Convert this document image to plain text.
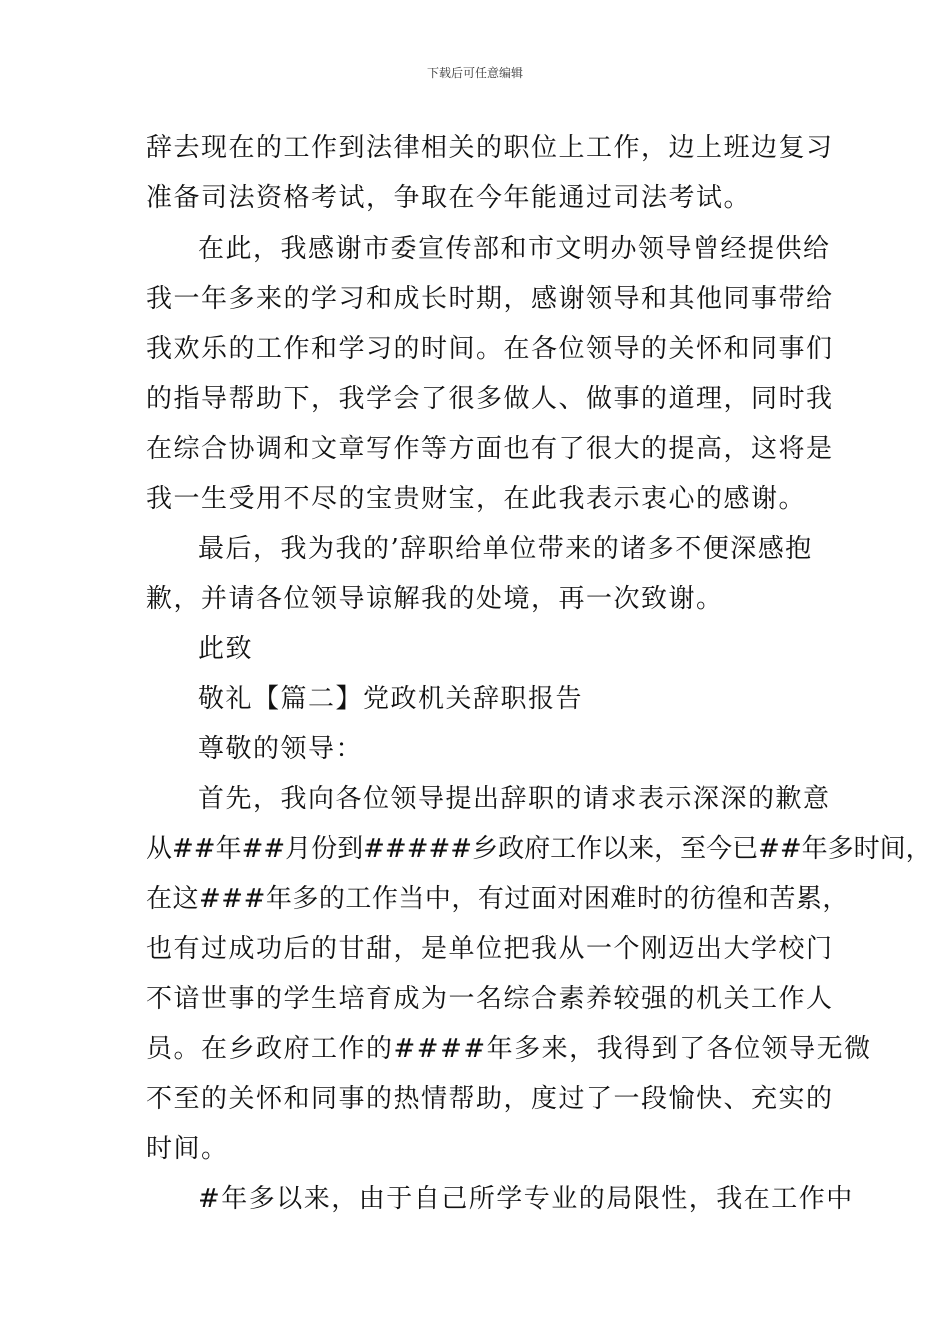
下载后可任意编辑
辞去现在的工作到法律相关的职位上工作，边上班边复习
准备司法资格考试，争取在今年能通过司法考试。
在此，我感谢市委宣传部和市文明办领导曾经提供给
我一年多来的学习和成长时期，感谢领导和其他同事带给
我欢乐的工作和学习的时间。在各位领导的关怀和同事们
的指导帮助下，我学会了很多做人、做事的道理，同时我
在综合协调和文章写作等方面也有了很大的提高，这将是
我一生受用不尽的宝贵财宝，在此我表示衷心的感谢。
最后，我为我的’辞职给单位带来的诸多不便深感抱
歉，并请各位领导谅解我的处境，再一次致谢。
此致
敬礼【篇二】党政机关辞职报告
尊敬的领导：
首先，我向各位领导提出辞职的请求表示深深的歉意
从##年##月份到#####乡政府工作以来，至今已##年多时间，
在这###年多的工作当中，有过面对困难时的彷徨和苦累，
也有过成功后的甘甜，是单位把我从一个刚迈出大学校门
不谙世事的学生培育成为一名综合素养较强的机关工作人
员。在乡政府工作的####年多来，我得到了各位领导无微
不至的关怀和同事的热情帮助，度过了一段愉快、充实的
时间。
#年多以来，由于自己所学专业的局限性，我在工作中
